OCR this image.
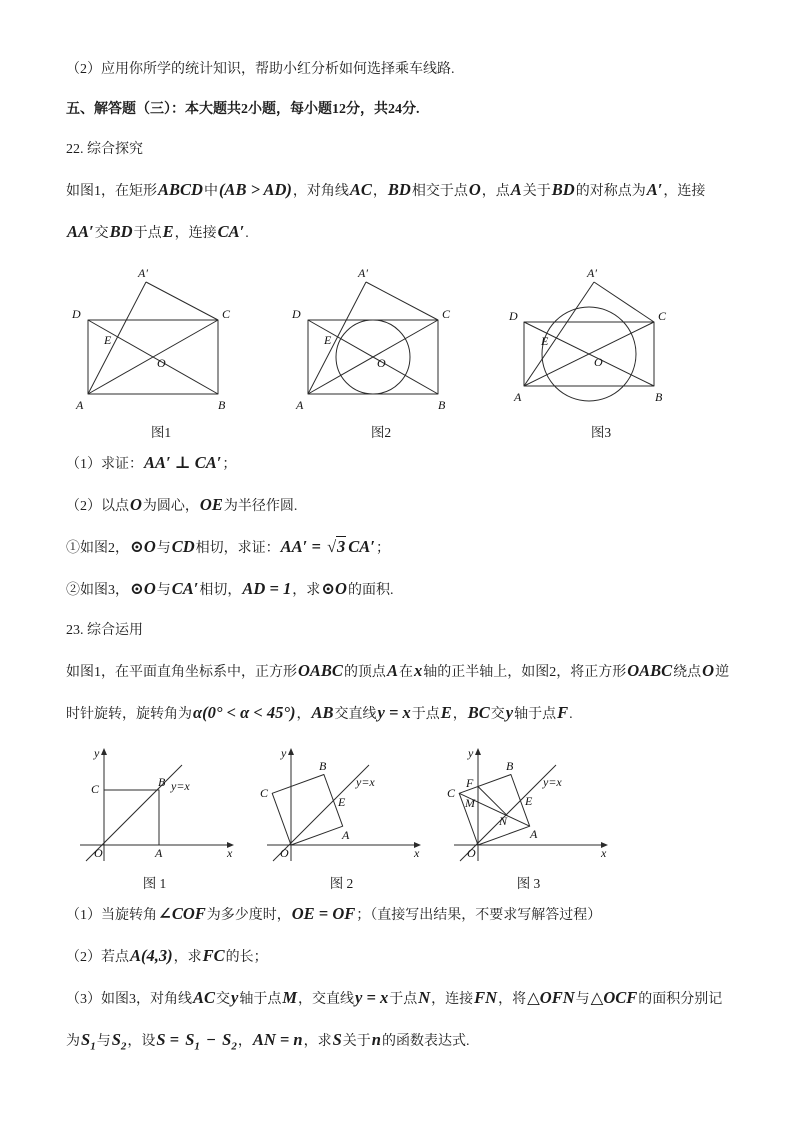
（2）应用你所学的统计知识，帮助小红分析如何选择乘车线路.

五、解答题（三）：本大题共2小题，每小题12分，共24分.

22. 综合探究

如图1，在矩形ABCD中(AB > AD)，对角线AC，BD相交于点O，点A关于BD的对称点为A′，连接AA′交BD于点E，连接CA′.

A′
D	C
E
O
A	B
图1
A′
D	C
E
O
A	B
图2
A′
D	C
E
O
A	B
图3

（1）求证：AA′ ⊥ CA′；

（2）以点O为圆心，OE为半径作圆.

①如图2，⊙O与CD相切，求证：AA′ = √3 CA′；

②如图3，⊙O与CA′相切，AD = 1，求⊙O的面积.

23. 综合运用

如图1，在平面直角坐标系中，正方形OABC的顶点A在x轴的正半轴上，如图2，将正方形OABC绕点O逆时针旋转，旋转角为α(0° < α < 45°)，AB交直线y = x于点E，BC交y轴于点F.

y
x
O	A
B
C	y=x
图 1
y
x
O
B
C
y=x
E
A
图 2
y
x
O
B
C
F
M
N
E
A
y=x
图 3

（1）当旋转角∠COF为多少度时，OE = OF；（直接写出结果，不要求写解答过程）

（2）若点A(4,3)，求FC的长；

（3）如图3，对角线AC交y轴于点M，交直线y = x于点N，连接FN，将△OFN与△OCF的面积分别记为$S_1$与$S_2$，设$S = S_1 - S_2$，AN = n，求S关于n的函数表达式.
